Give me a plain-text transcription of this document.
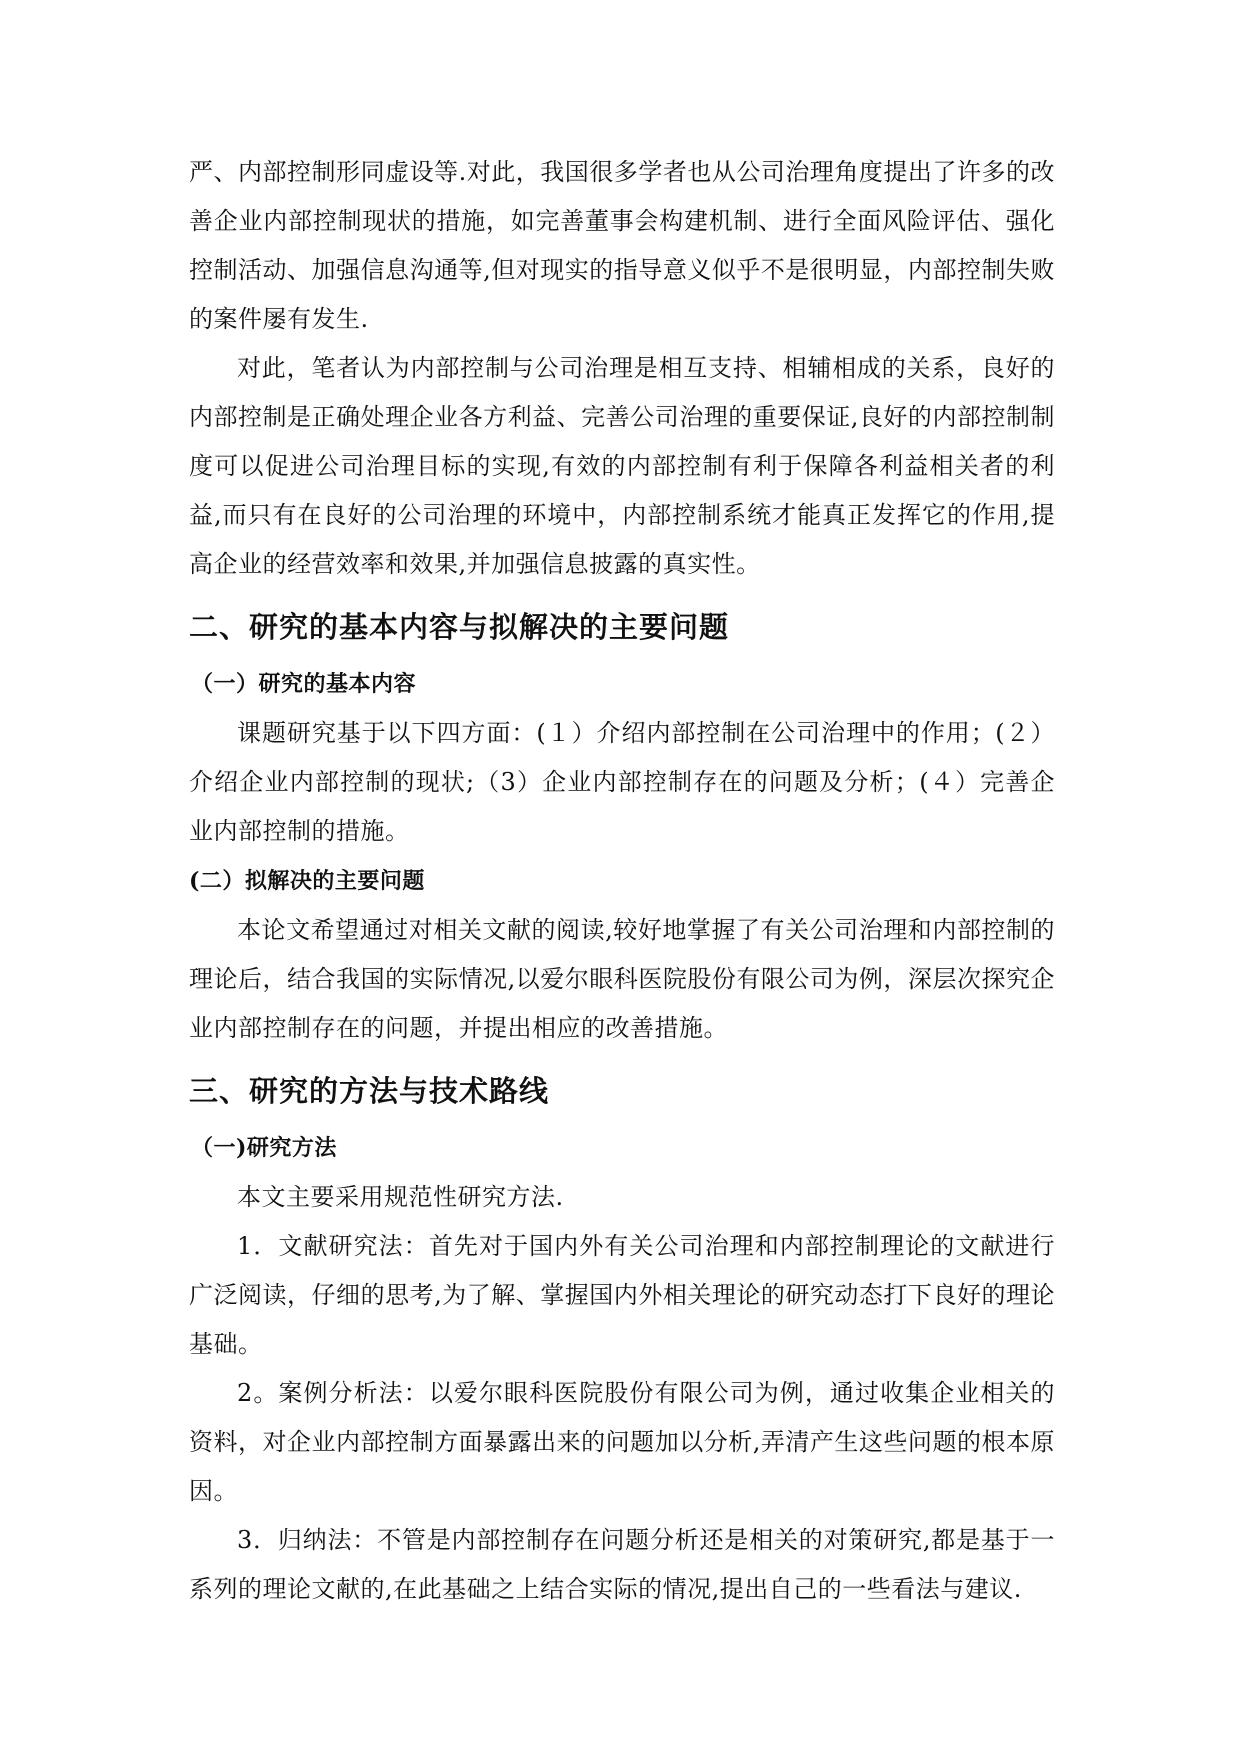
严、内部控制形同虚设等.对此，我国很多学者也从公司治理角度提出了许多的改善企业内部控制现状的措施，如完善董事会构建机制、进行全面风险评估、强化控制活动、加强信息沟通等,但对现实的指导意义似乎不是很明显，内部控制失败的案件屡有发生.

对此，笔者认为内部控制与公司治理是相互支持、相辅相成的关系，良好的内部控制是正确处理企业各方利益、完善公司治理的重要保证,良好的内部控制制度可以促进公司治理目标的实现,有效的内部控制有利于保障各利益相关者的利益,而只有在良好的公司治理的环境中，内部控制系统才能真正发挥它的作用,提高企业的经营效率和效果,并加强信息披露的真实性。

二、研究的基本内容与拟解决的主要问题
（一）研究的基本内容

课题研究基于以下四方面：(１）介绍内部控制在公司治理中的作用；(２）介绍企业内部控制的现状;（3）企业内部控制存在的问题及分析；(４）完善企业内部控制的措施。

(二）拟解决的主要问题

本论文希望通过对相关文献的阅读,较好地掌握了有关公司治理和内部控制的理论后，结合我国的实际情况,以爱尔眼科医院股份有限公司为例，深层次探究企业内部控制存在的问题，并提出相应的改善措施。

三、研究的方法与技术路线
（一)研究方法

本文主要采用规范性研究方法.

1．文献研究法：首先对于国内外有关公司治理和内部控制理论的文献进行广泛阅读，仔细的思考,为了解、掌握国内外相关理论的研究动态打下良好的理论基础。

2。案例分析法：以爱尔眼科医院股份有限公司为例，通过收集企业相关的资料，对企业内部控制方面暴露出来的问题加以分析,弄清产生这些问题的根本原因。

3．归纳法：不管是内部控制存在问题分析还是相关的对策研究,都是基于一系列的理论文献的,在此基础之上结合实际的情况,提出自己的一些看法与建议.
